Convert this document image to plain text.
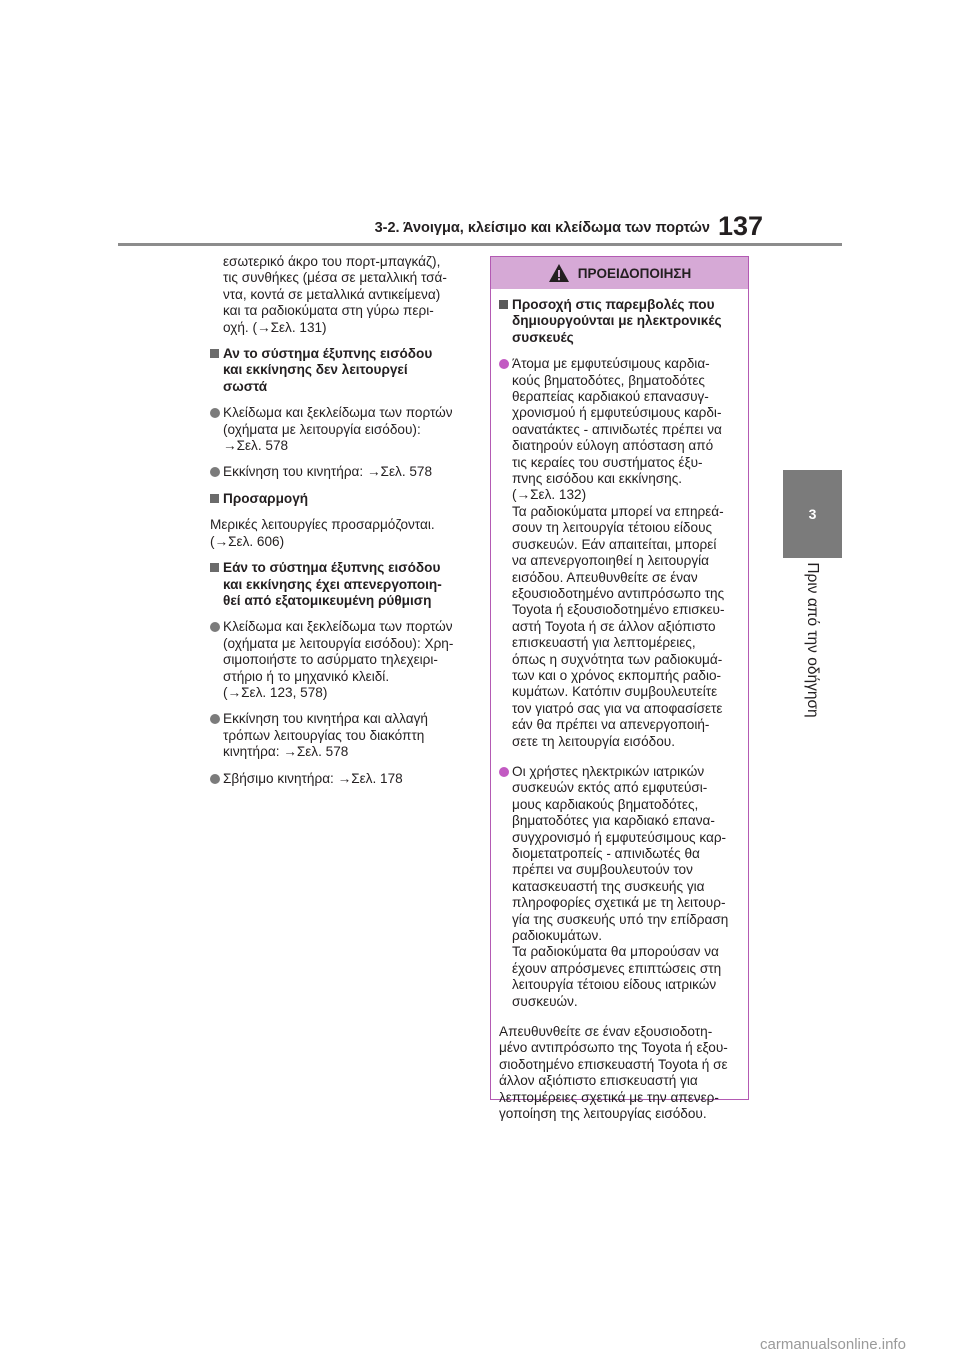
3-2. Άνοιγμα, κλείσιμο και κλείδωμα των πορτών 137
3
Πριν από την οδήγηση
εσωτερικό άκρο του πορτ-μπαγκάζ),
τις συνθήκες (μέσα σε μεταλλική τσά-
ντα, κοντά σε μεταλλικά αντικείμενα)
και τα ραδιοκύματα στη γύρω περι-
οχή. (→Σελ. 131)
Αν το σύστημα έξυπνης εισόδου
και εκκίνησης δεν λειτουργεί
σωστά
Κλείδωμα και ξεκλείδωμα των πορτών
(οχήματα με λειτουργία εισόδου):
→Σελ. 578
Εκκίνηση του κινητήρα: →Σελ. 578
Προσαρμογή
Μερικές λειτουργίες προσαρμόζονται.
(→Σελ. 606)
Εάν το σύστημα έξυπνης εισόδου
και εκκίνησης έχει απενεργοποιη-
θεί από εξατομικευμένη ρύθμιση
Κλείδωμα και ξεκλείδωμα των πορτών
(οχήματα με λειτουργία εισόδου): Χρη-
σιμοποιήστε το ασύρματο τηλεχειρι-
στήριο ή το μηχανικό κλειδί.
(→Σελ. 123, 578)
Εκκίνηση του κινητήρα και αλλαγή
τρόπων λειτουργίας του διακόπτη
κινητήρα: →Σελ. 578
Σβήσιμο κινητήρα: →Σελ. 178
ΠΡΟΕΙΔΟΠΟΙΗΣΗ
Προσοχή στις παρεμβολές που
δημιουργούνται με ηλεκτρονικές
συσκευές
Άτομα με εμφυτεύσιμους καρδια-
κούς βηματοδότες, βηματοδότες
θεραπείας καρδιακού επανασυγ-
χρονισμού ή εμφυτεύσιμους καρδι-
οανατάκτες - απινιδωτές πρέπει να
διατηρούν εύλογη απόσταση από
τις κεραίες του συστήματος έξυ-
πνης εισόδου και εκκίνησης.
(→Σελ. 132)
Τα ραδιοκύματα μπορεί να επηρεά-
σουν τη λειτουργία τέτοιου είδους
συσκευών. Εάν απαιτείται, μπορεί
να απενεργοποιηθεί η λειτουργία
εισόδου. Απευθυνθείτε σε έναν
εξουσιοδοτημένο αντιπρόσωπο της
Toyota ή εξουσιοδοτημένο επισκευ-
αστή Toyota ή σε άλλον αξιόπιστο
επισκευαστή για λεπτομέρειες,
όπως η συχνότητα των ραδιοκυμά-
των και ο χρόνος εκπομπής ραδιο-
κυμάτων. Κατόπιν συμβουλευτείτε
τον γιατρό σας για να αποφασίσετε
εάν θα πρέπει να απενεργοποιή-
σετε τη λειτουργία εισόδου.
Οι χρήστες ηλεκτρικών ιατρικών
συσκευών εκτός από εμφυτεύσι-
μους καρδιακούς βηματοδότες,
βηματοδότες για καρδιακό επανα-
συγχρονισμό ή εμφυτεύσιμους καρ-
διομετατροπείς - απινιδωτές θα
πρέπει να συμβουλευτούν τον
κατασκευαστή της συσκευής για
πληροφορίες σχετικά με τη λειτουρ-
γία της συσκευής υπό την επίδραση
ραδιοκυμάτων.
Τα ραδιοκύματα θα μπορούσαν να
έχουν απρόσμενες επιπτώσεις στη
λειτουργία τέτοιου είδους ιατρικών
συσκευών.
Απευθυνθείτε σε έναν εξουσιοδοτη-
μένο αντιπρόσωπο της Toyota ή εξου-
σιοδοτημένο επισκευαστή Toyota ή σε
άλλον αξιόπιστο επισκευαστή για
λεπτομέρειες σχετικά με την απενερ-
γοποίηση της λειτουργίας εισόδου.
carmanualsonline.info
